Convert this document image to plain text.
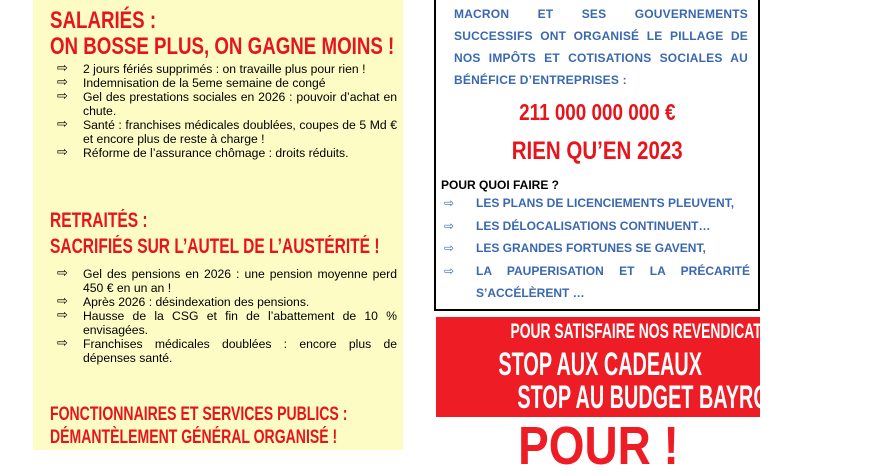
SALARIÉS :
ON BOSSE PLUS, ON GAGNE MOINS !
⇨ 2 jours fériés supprimés : on travaille plus pour rien !
⇨ Indemnisation de la 5eme semaine de congé
⇨ Gel des prestations sociales en 2026 : pouvoir d’achat en chute.
⇨ Santé : franchises médicales doublées, coupes de 5 Md € et encore plus de reste à charge !
⇨ Réforme de l’assurance chômage : droits réduits.
RETRAITÉS :
SACRIFIÉS SUR L’AUTEL DE L’AUSTÉRITÉ !
⇨ Gel des pensions en 2026 : une pension moyenne perd 450 € en un an !
⇨ Après 2026 : désindexation des pensions.
⇨ Hausse de la CSG et fin de l’abattement de 10 % envisagées.
⇨ Franchises médicales doublées : encore plus de dépenses santé.
FONCTIONNAIRES ET SERVICES PUBLICS :
DÉMANTÈLEMENT GÉNÉRAL ORGANISÉ !
MACRON ET SES GOUVERNEMENTS SUCCESSIFS ONT ORGANISÉ LE PILLAGE DE NOS IMPÔTS ET COTISATIONS SOCIALES AU BÉNÉFICE D’ENTREPRISES :
211 000 000 000 €
RIEN QU’EN 2023
POUR QUOI FAIRE ?
⇨ LES PLANS DE LICENCIEMENTS PLEUVENT,
⇨ LES DÉLOCALISATIONS CONTINUENT…
⇨ LES GRANDES FORTUNES SE GAVENT,
⇨ LA PAUPERISATION ET LA PRÉCARITÉ S’ACCÉLÈRENT …
POUR SATISFAIRE NOS REVENDICATIONS,
STOP AUX CADEAUX
STOP AU BUDGET BAYROU
POUR !
